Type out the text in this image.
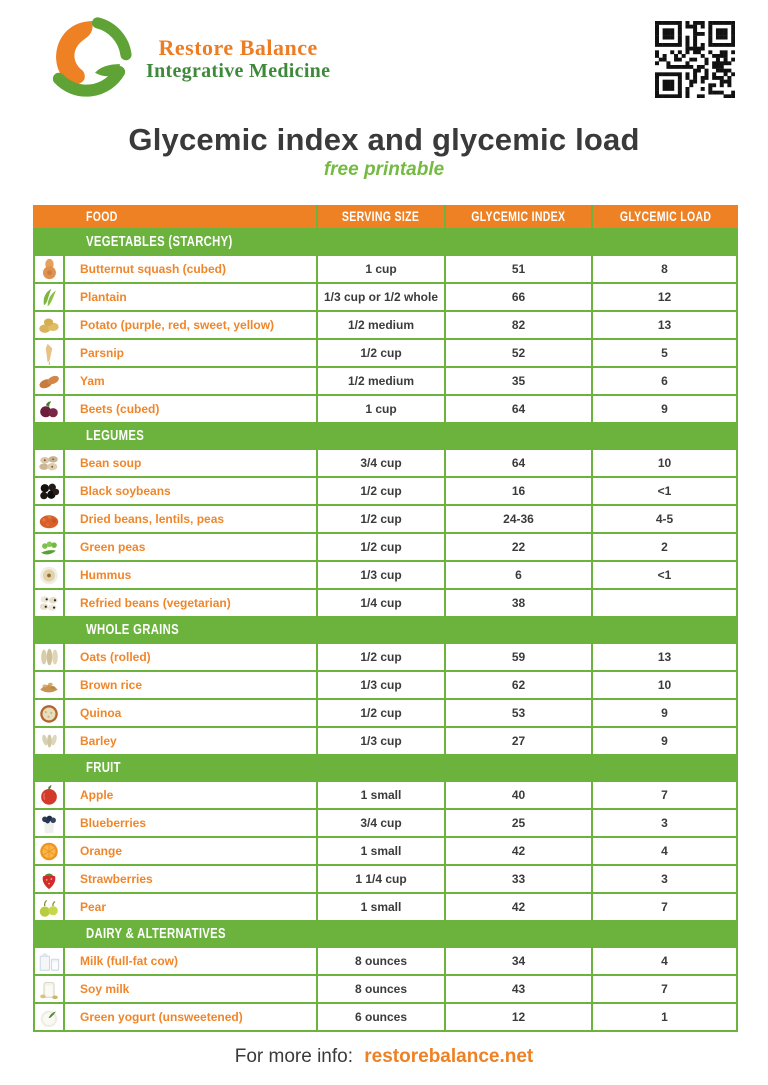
Restore Balance
Integrative Medicine
Glycemic index and glycemic load
free printable
FOOD	SERVING SIZE	GLYCEMIC INDEX	GLYCEMIC LOAD
VEGETABLES (STARCHY)
Butternut squash (cubed)	1 cup	51	8
Plantain	1/3 cup or 1/2 whole	66	12
Potato (purple, red, sweet, yellow)	1/2 medium	82	13
Parsnip	1/2 cup	52	5
Yam	1/2 medium	35	6
Beets (cubed)	1 cup	64	9
LEGUMES
Bean soup	3/4 cup	64	10
Black soybeans	1/2 cup	16	<1
Dried beans, lentils, peas	1/2 cup	24-36	4-5
Green peas	1/2 cup	22	2
Hummus	1/3 cup	6	<1
Refried beans (vegetarian)	1/4 cup	38
WHOLE GRAINS
Oats (rolled)	1/2 cup	59	13
Brown rice	1/3 cup	62	10
Quinoa	1/2 cup	53	9
Barley	1/3 cup	27	9
FRUIT
Apple	1 small	40	7
Blueberries	3/4 cup	25	3
Orange	1 small	42	4
Strawberries	1 1/4 cup	33	3
Pear	1 small	42	7
DAIRY & ALTERNATIVES
Milk (full-fat cow)	8 ounces	34	4
Soy milk	8 ounces	43	7
Green yogurt (unsweetened)	6 ounces	12	1
For more info: restorebalance.net
